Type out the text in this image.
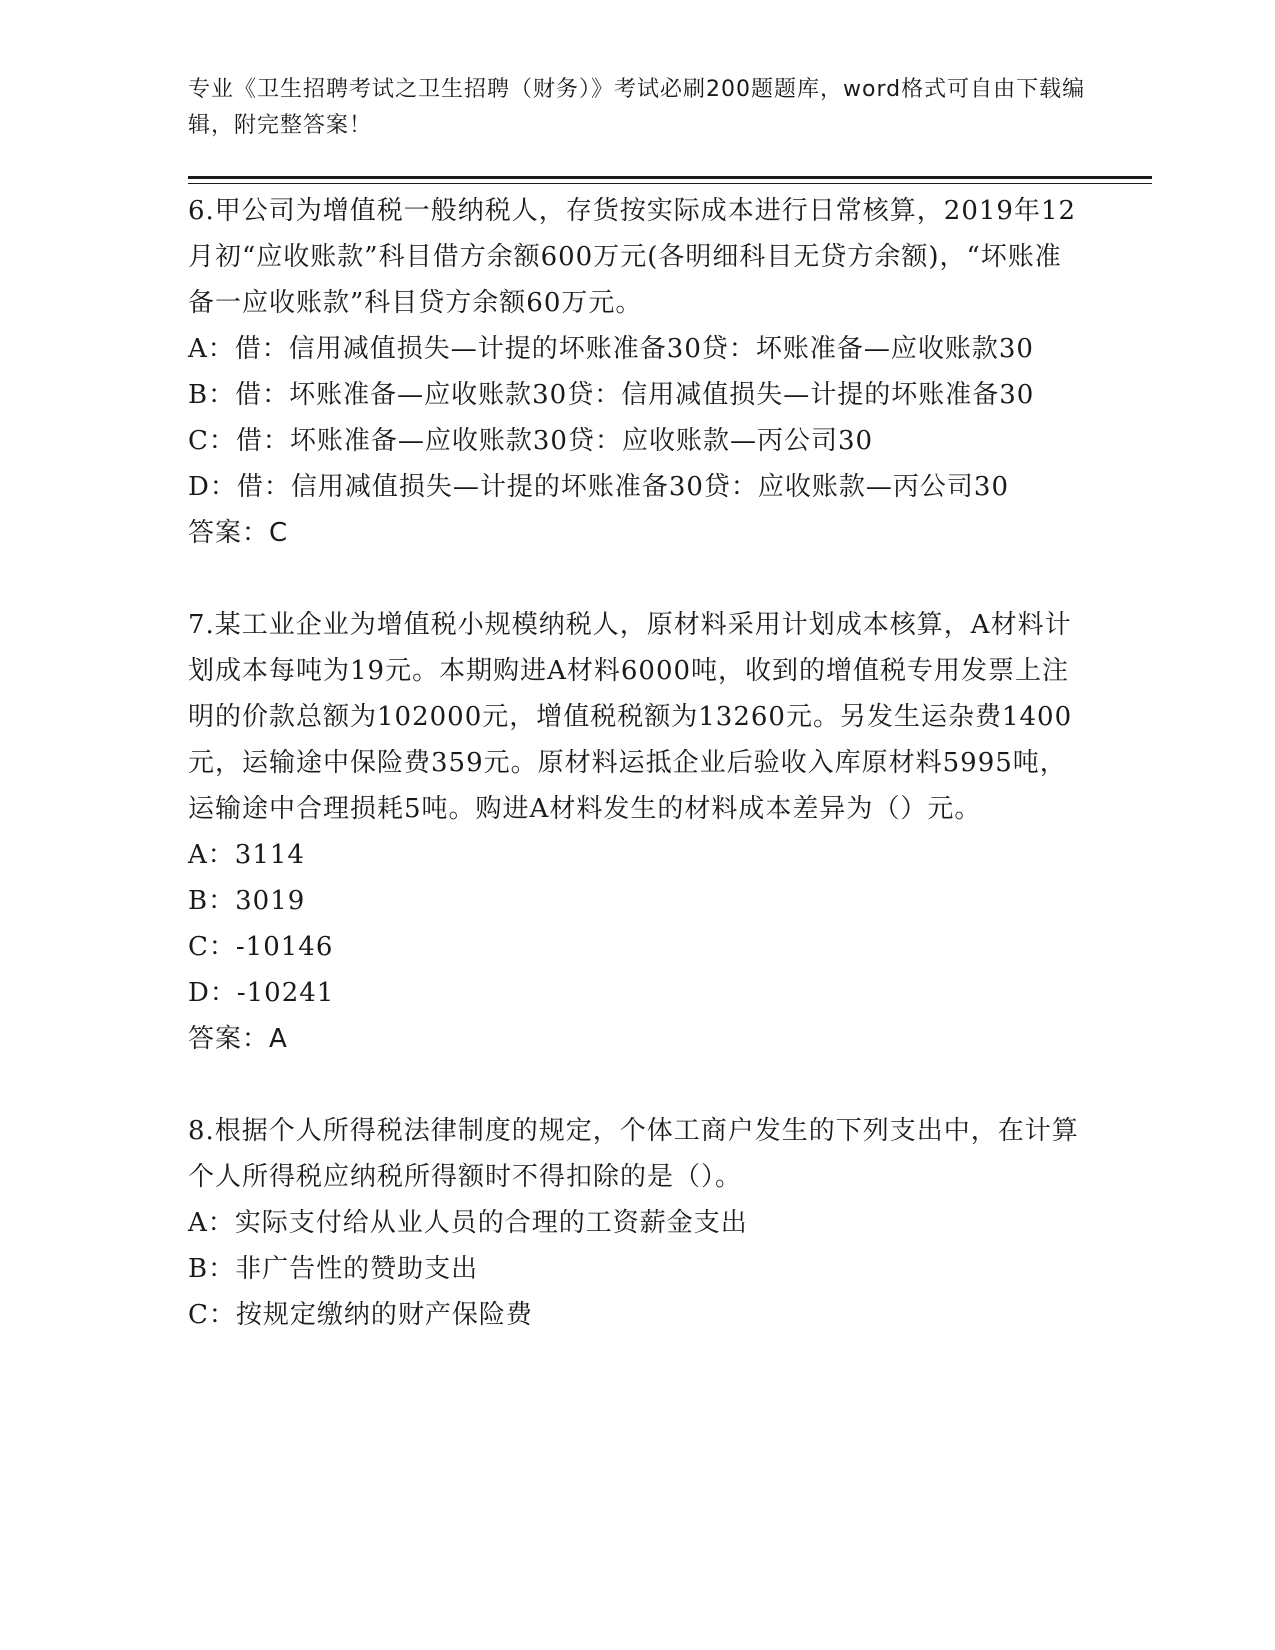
专业《卫生招聘考试之卫生招聘（财务）》考试必刷200题题库，word格式可自由下载编辑，附完整答案！

6.甲公司为增值税一般纳税人，存货按实际成本进行日常核算，2019年12月初“应收账款”科目借方余额600万元(各明细科目无贷方余额)，“坏账准备一应收账款”科目贷方余额60万元。

A：借：信用减值损失—计提的坏账准备30贷：坏账准备—应收账款30

B：借：坏账准备—应收账款30贷：信用减值损失—计提的坏账准备30

C：借：坏账准备—应收账款30贷：应收账款—丙公司30

D：借：信用减值损失—计提的坏账准备30贷：应收账款—丙公司30

答案：C

7.某工业企业为增值税小规模纳税人，原材料采用计划成本核算，A材料计划成本每吨为19元。本期购进A材料6000吨，收到的增值税专用发票上注明的价款总额为102000元，增值税税额为13260元。另发生运杂费1400元，运输途中保险费359元。原材料运抵企业后验收入库原材料5995吨，运输途中合理损耗5吨。购进A材料发生的材料成本差异为（）元。

A：3114

B：3019

C：-10146

D：-10241

答案：A

8.根据个人所得税法律制度的规定，个体工商户发生的下列支出中，在计算个人所得税应纳税所得额时不得扣除的是（）。

A：实际支付给从业人员的合理的工资薪金支出

B：非广告性的赞助支出

C：按规定缴纳的财产保险费
